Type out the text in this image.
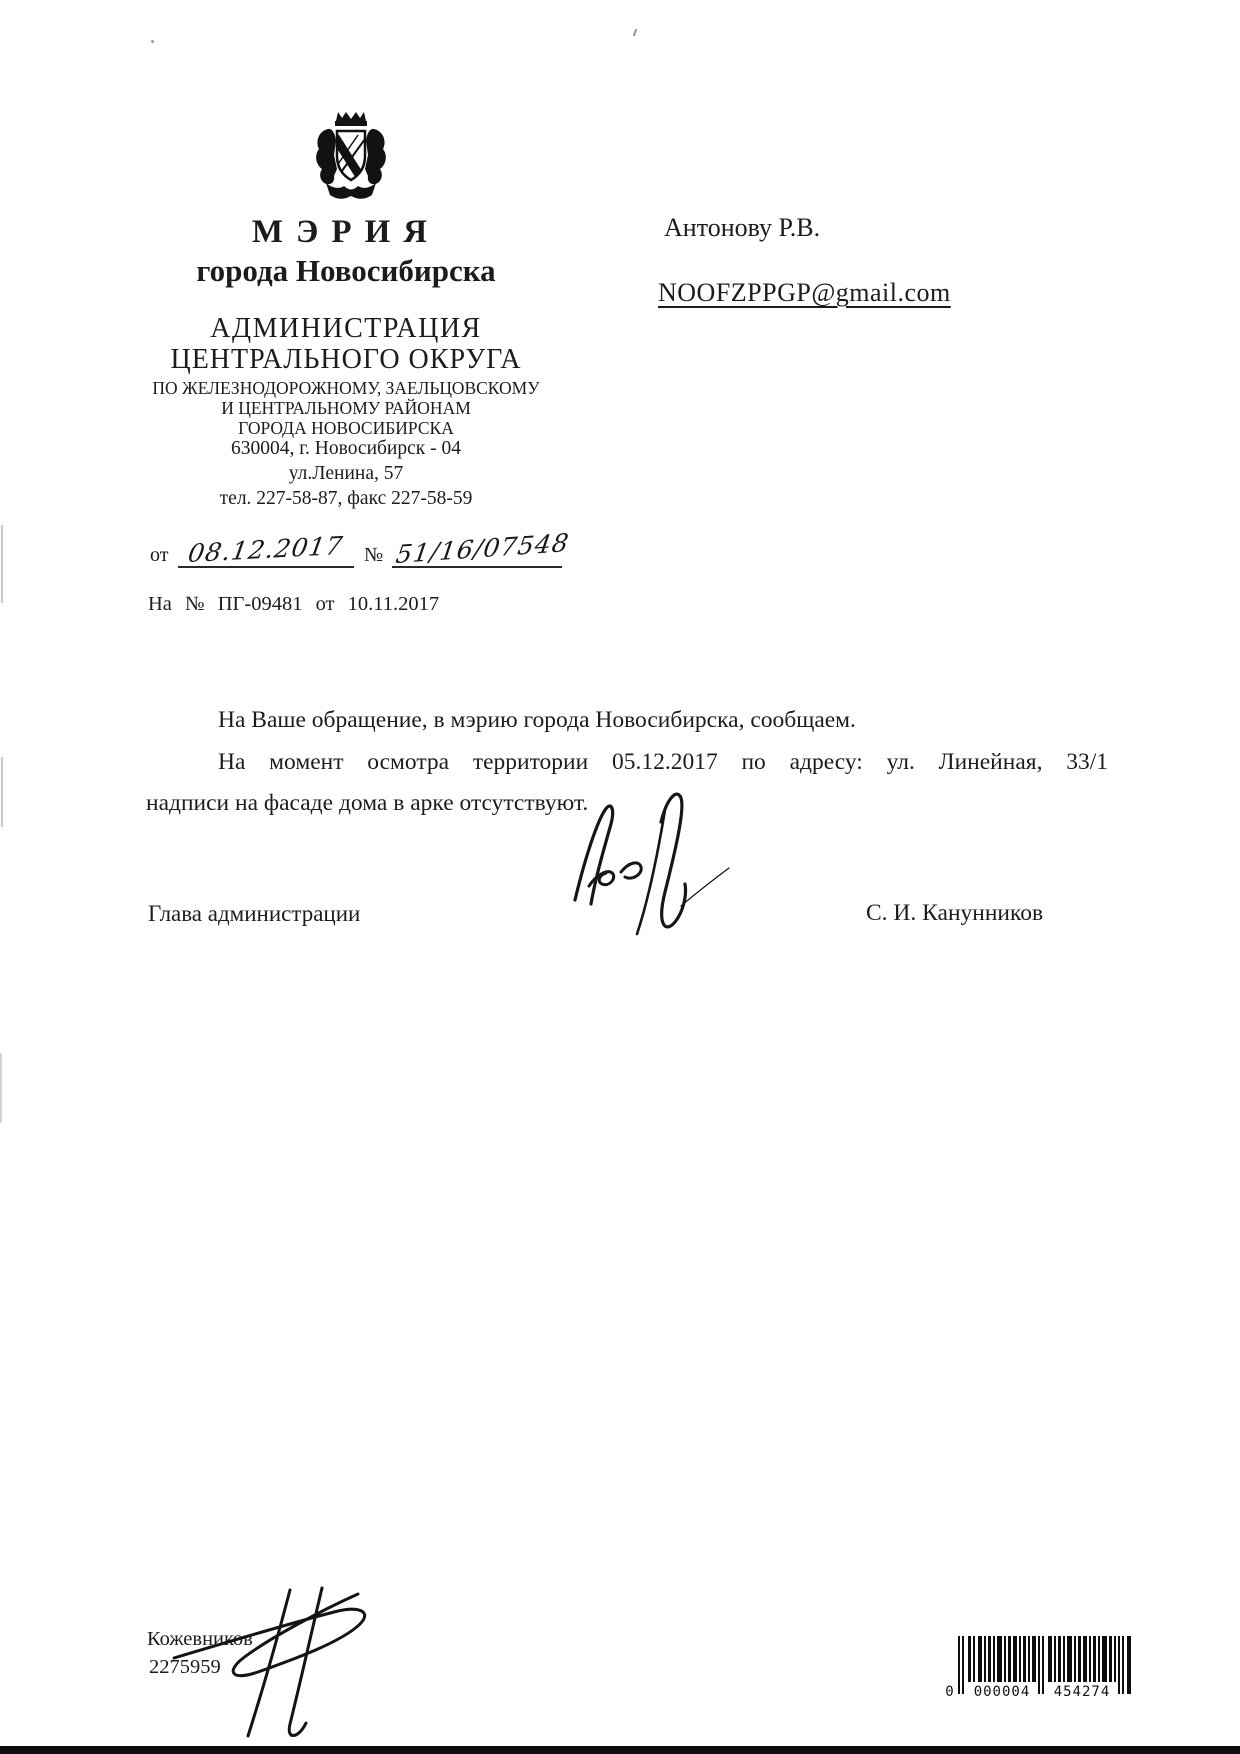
МЭРИЯ
города Новосибирска
АДМИНИСТРАЦИЯ
ЦЕНТРАЛЬНОГО ОКРУГА
ПО ЖЕЛЕЗНОДОРОЖНОМУ, ЗАЕЛЬЦОВСКОМУ
И ЦЕНТРАЛЬНОМУ РАЙОНАМ
ГОРОДА НОВОСИБИРСКА
630004, г. Новосибирск - 04
ул.Ленина, 57
тел. 227-58-87, факс 227-58-59
от 08.12.2017 № 51/16/07548
На № ПГ-09481 от 10.11.2017
Антонову Р.В.
NOOFZPPGP@gmail.com
На Ваше обращение, в мэрию города Новосибирска, сообщаем.
На момент осмотра территории 05.12.2017 по адресу: ул. Линейная, 33/1
надписи на фасаде дома в арке отсутствуют.
Глава администрации	С. И. Канунников
Кожевников
2275959
0	000004	454274
